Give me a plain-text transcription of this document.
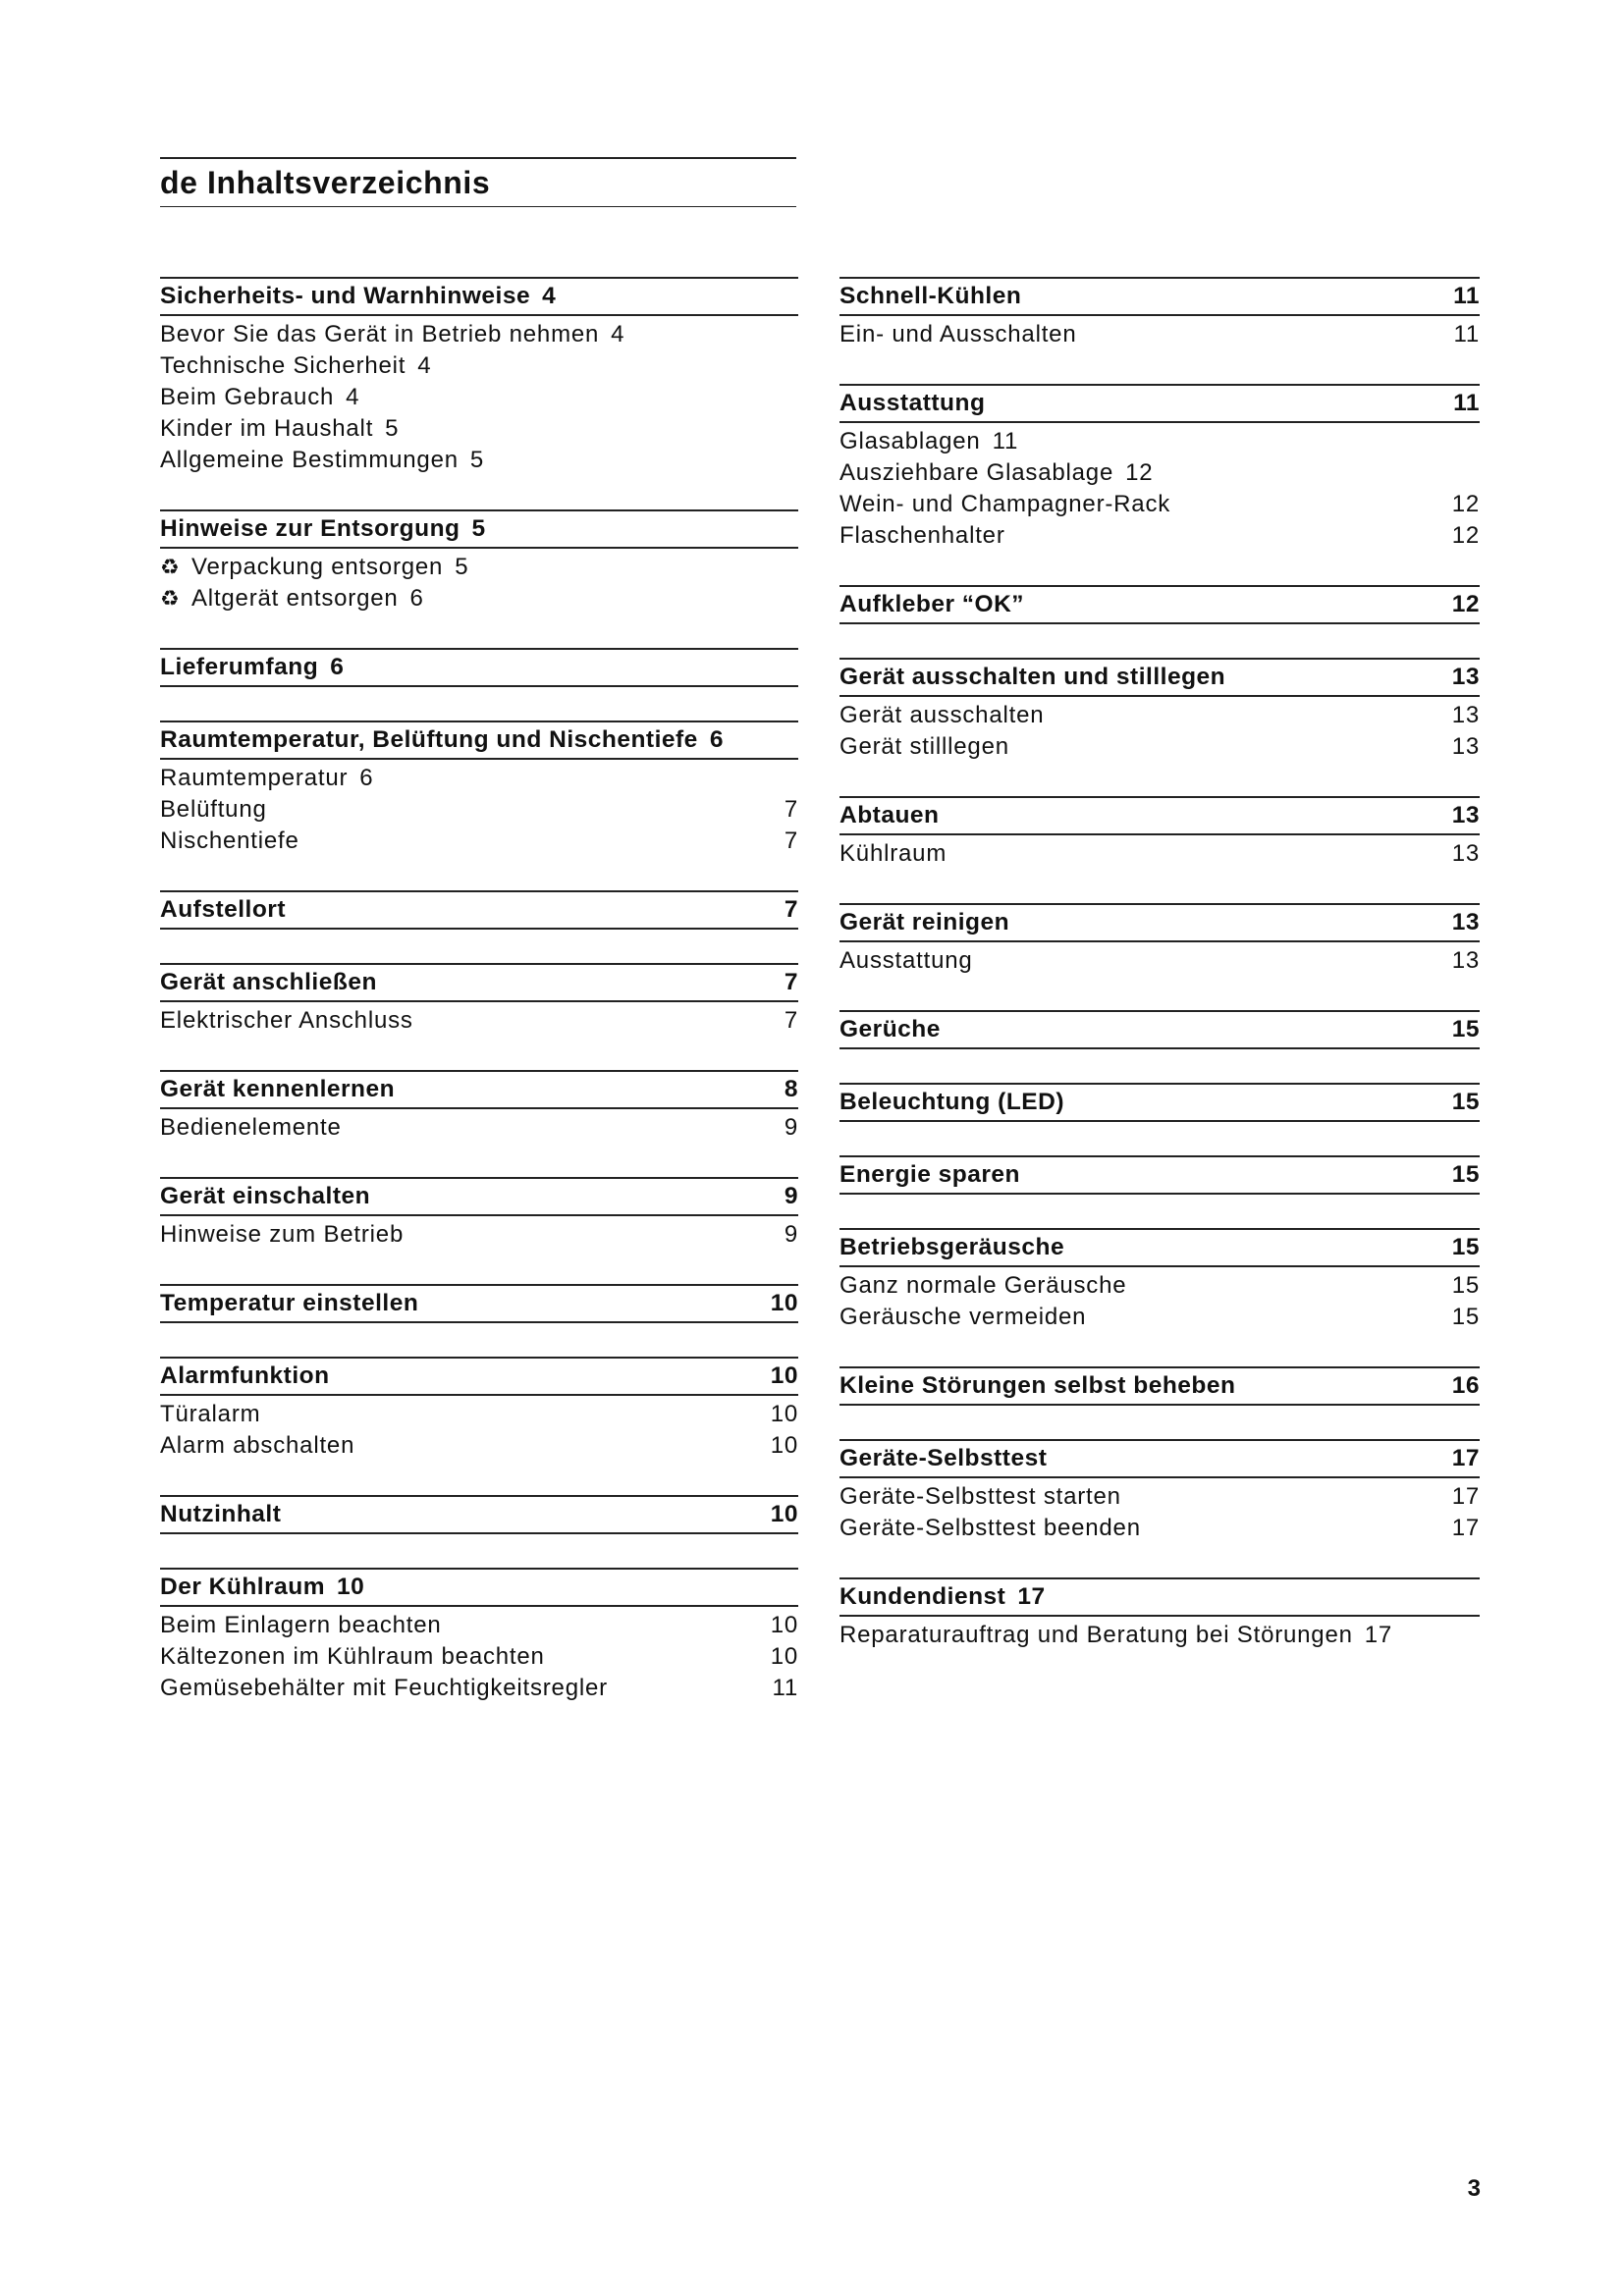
de Inhaltsverzeichnis
Sicherheits- und Warnhinweise 4
Bevor Sie das Gerät in Betrieb nehmen 4
Technische Sicherheit 4
Beim Gebrauch 4
Kinder im Haushalt 5
Allgemeine Bestimmungen 5
Hinweise zur Entsorgung 5
♻ Verpackung entsorgen 5
♻ Altgerät entsorgen 6
Lieferumfang 6
Raumtemperatur, Belüftung und Nischentiefe 6
Raumtemperatur 6
Belüftung	7
Nischentiefe	7
Aufstellort	7
Gerät anschließen	7
Elektrischer Anschluss	7
Gerät kennenlernen	8
Bedienelemente	9
Gerät einschalten	9
Hinweise zum Betrieb	9
Temperatur einstellen	10
Alarmfunktion	10
Türalarm	10
Alarm abschalten	10
Nutzinhalt	10
Der Kühlraum 10
Beim Einlagern beachten	10
Kältezonen im Kühlraum beachten	10
Gemüsebehälter mit Feuchtigkeitsregler	11
Schnell-Kühlen	11
Ein- und Ausschalten	11
Ausstattung	11
Glasablagen 11
Ausziehbare Glasablage 12
Wein- und Champagner-Rack	12
Flaschenhalter	12
Aufkleber “OK”	12
Gerät ausschalten und stilllegen	13
Gerät ausschalten	13
Gerät stilllegen	13
Abtauen	13
Kühlraum	13
Gerät reinigen	13
Ausstattung	13
Gerüche	15
Beleuchtung (LED)	15
Energie sparen	15
Betriebsgeräusche	15
Ganz normale Geräusche	15
Geräusche vermeiden	15
Kleine Störungen selbst beheben	16
Geräte-Selbsttest	17
Geräte-Selbsttest starten	17
Geräte-Selbsttest beenden	17
Kundendienst 17
Reparaturauftrag und Beratung bei Störungen 17
3
